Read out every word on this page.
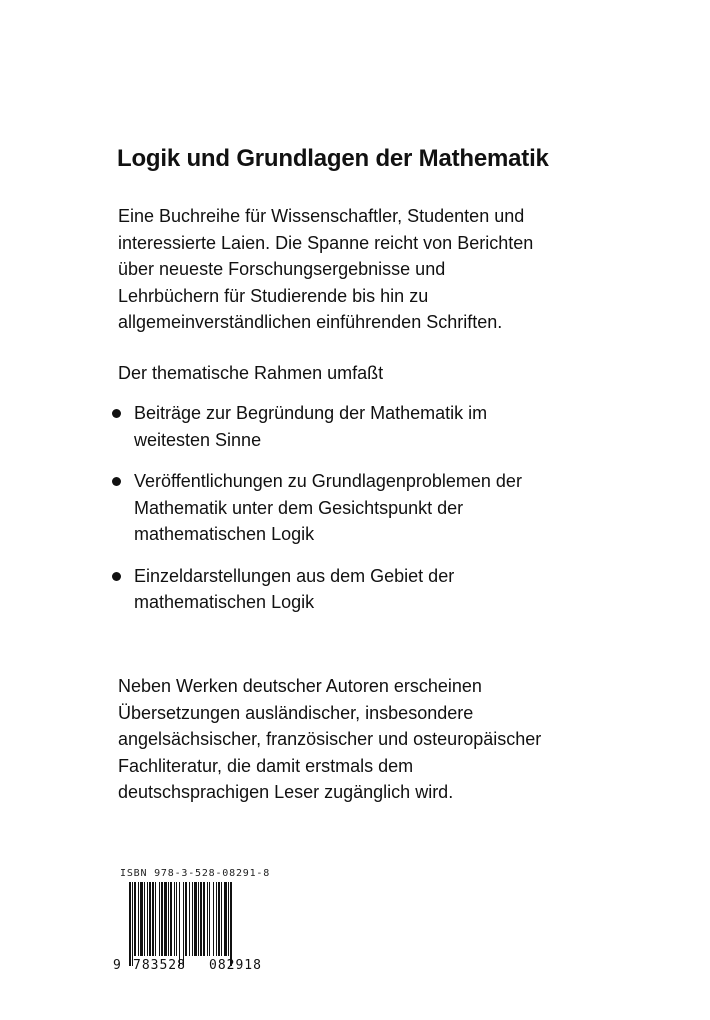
Logik und Grundlagen der Mathematik
Eine Buchreihe für Wissenschaftler, Studenten und
interessierte Laien. Die Spanne reicht von Berichten
über neueste Forschungsergebnisse und
Lehrbüchern für Studierende bis hin zu
allgemeinverständlichen einführenden Schriften.
Der thematische Rahmen umfaßt
Beiträge zur Begründung der Mathematik im
weitesten Sinne
Veröffentlichungen zu Grundlagenproblemen der
Mathematik unter dem Gesichtspunkt der
mathematischen Logik
Einzeldarstellungen aus dem Gebiet der
mathematischen Logik
Neben Werken deutscher Autoren erscheinen
Übersetzungen ausländischer, insbesondere
angelsächsischer, französischer und osteuropäischer
Fachliteratur, die damit erstmals dem
deutschsprachigen Leser zugänglich wird.
ISBN 978-3-528-08291-8
9 783528 082918
